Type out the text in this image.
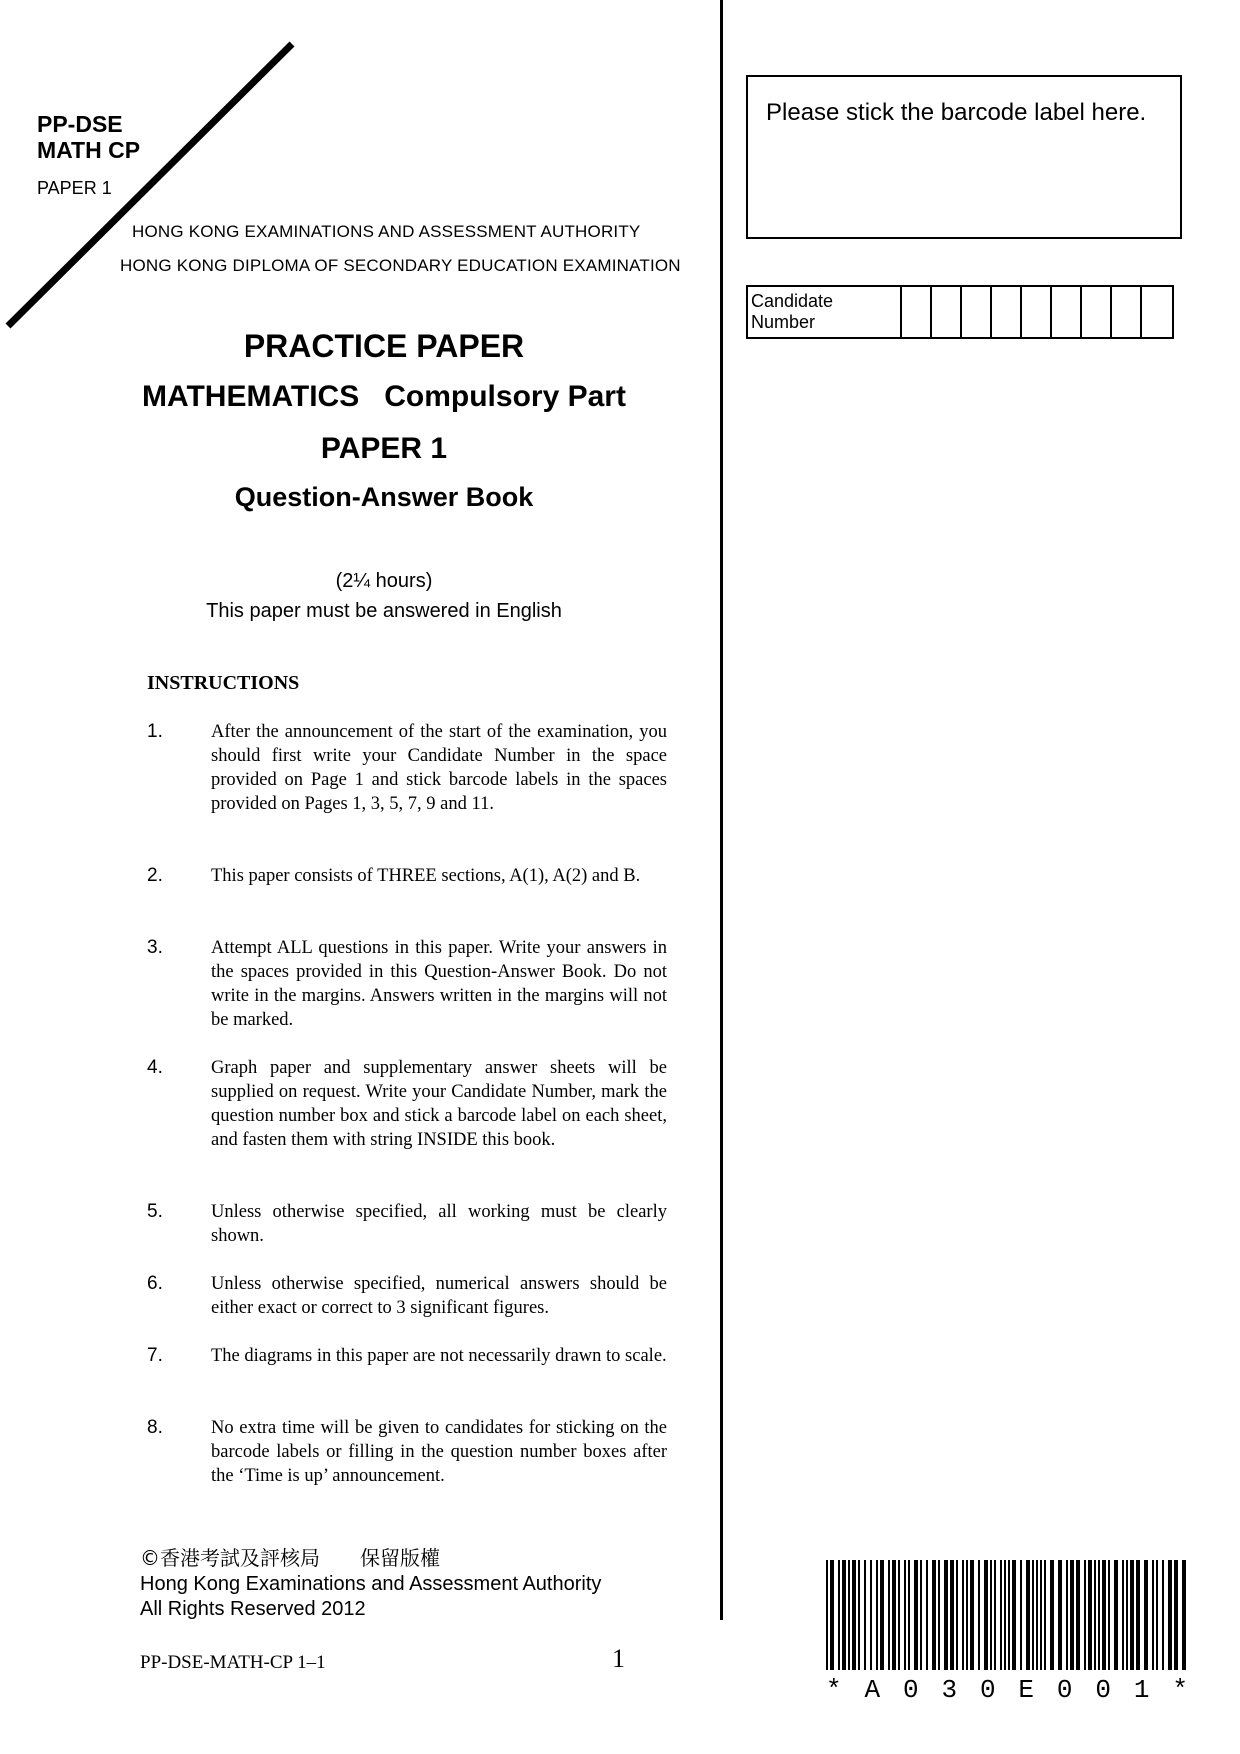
PP-DSE
MATH CP
PAPER 1
HONG KONG EXAMINATIONS AND ASSESSMENT AUTHORITY
HONG KONG DIPLOMA OF SECONDARY EDUCATION EXAMINATION
PRACTICE PAPER
MATHEMATICS   Compulsory Part
PAPER 1
Question-Answer Book
(2¼ hours)
This paper must be answered in English
Please stick the barcode label here.
Candidate Number
INSTRUCTIONS
1.	After the announcement of the start of the examination, you should first write your Candidate Number in the space provided on Page 1 and stick barcode labels in the spaces provided on Pages 1, 3, 5, 7, 9 and 11.
2.	This paper consists of THREE sections, A(1), A(2) and B.
3.	Attempt ALL questions in this paper. Write your answers in the spaces provided in this Question-Answer Book. Do not write in the margins. Answers written in the margins will not be marked.
4.	Graph paper and supplementary answer sheets will be supplied on request. Write your Candidate Number, mark the question number box and stick a barcode label on each sheet, and fasten them with string INSIDE this book.
5.	Unless otherwise specified, all working must be clearly shown.
6.	Unless otherwise specified, numerical answers should be either exact or correct to 3 significant figures.
7.	The diagrams in this paper are not necessarily drawn to scale.
8.	No extra time will be given to candidates for sticking on the barcode labels or filling in the question number boxes after the ‘Time is up’ announcement.
©香港考試及評核局　　保留版權
Hong Kong Examinations and Assessment Authority
All Rights Reserved 2012
PP-DSE-MATH-CP 1–1	1
* A 0 3 0 E 0 0 1 *
